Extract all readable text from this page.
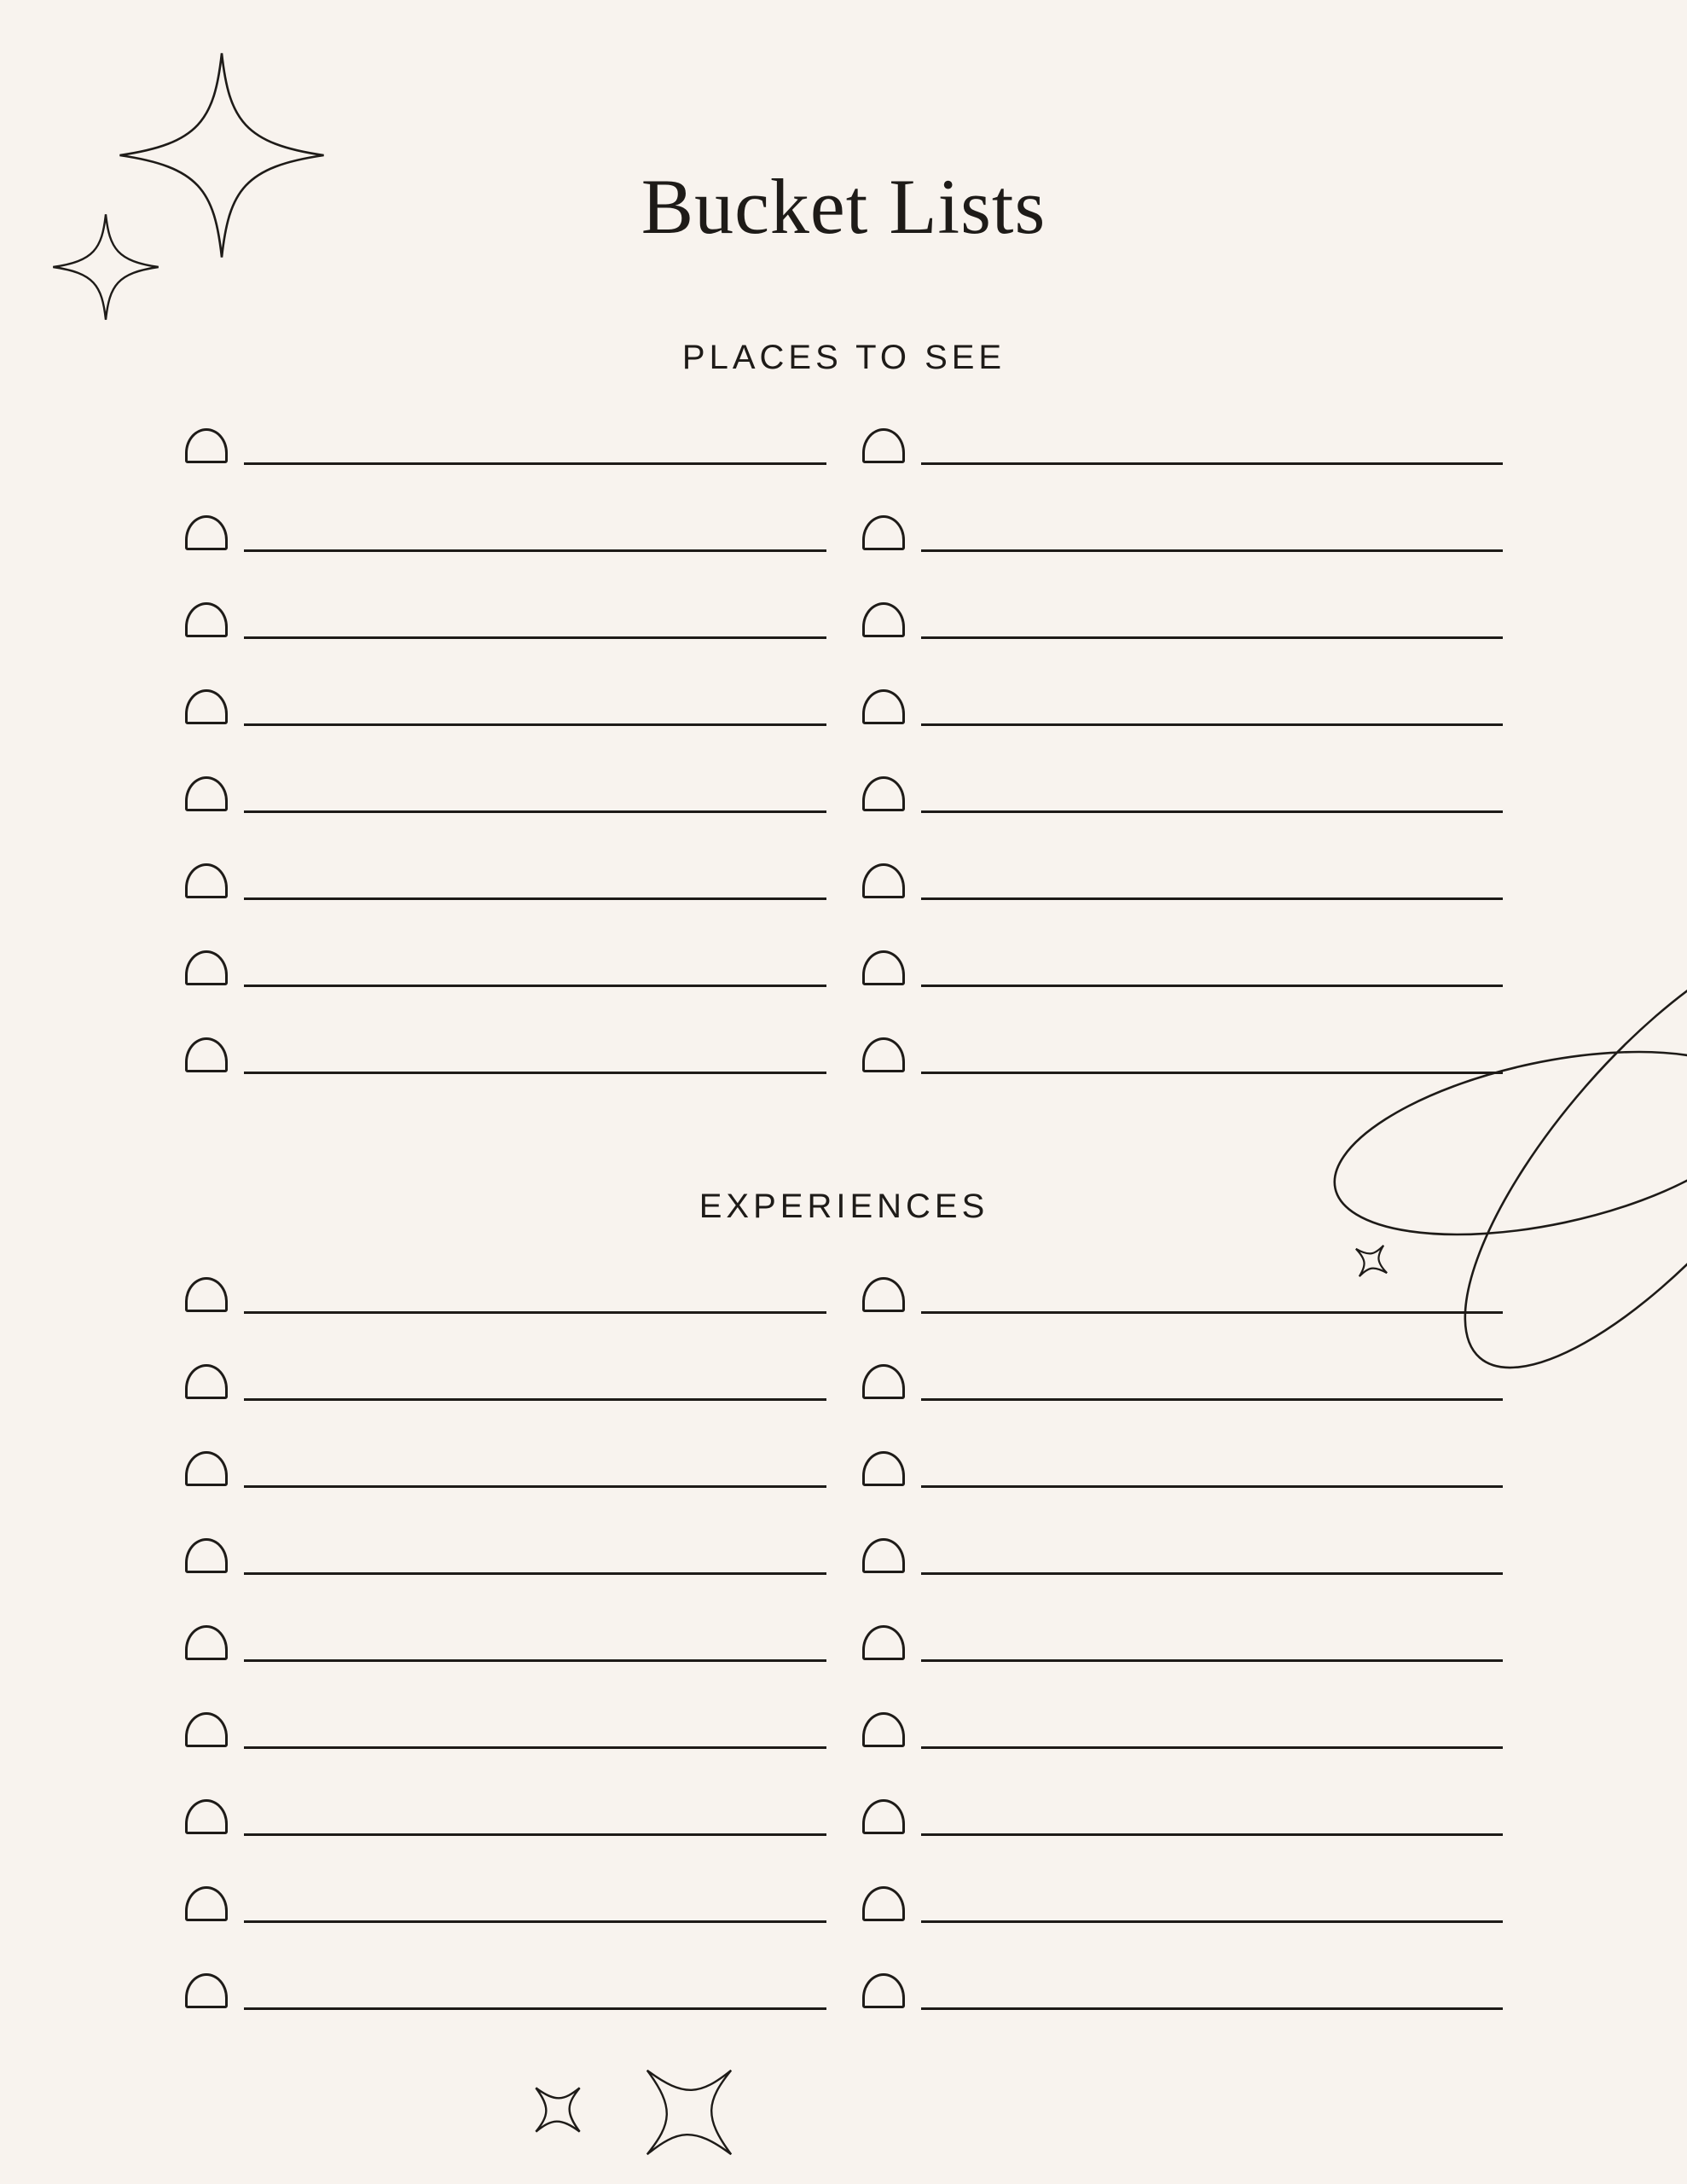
Bucket Lists
PLACES TO SEE
EXPERIENCES
